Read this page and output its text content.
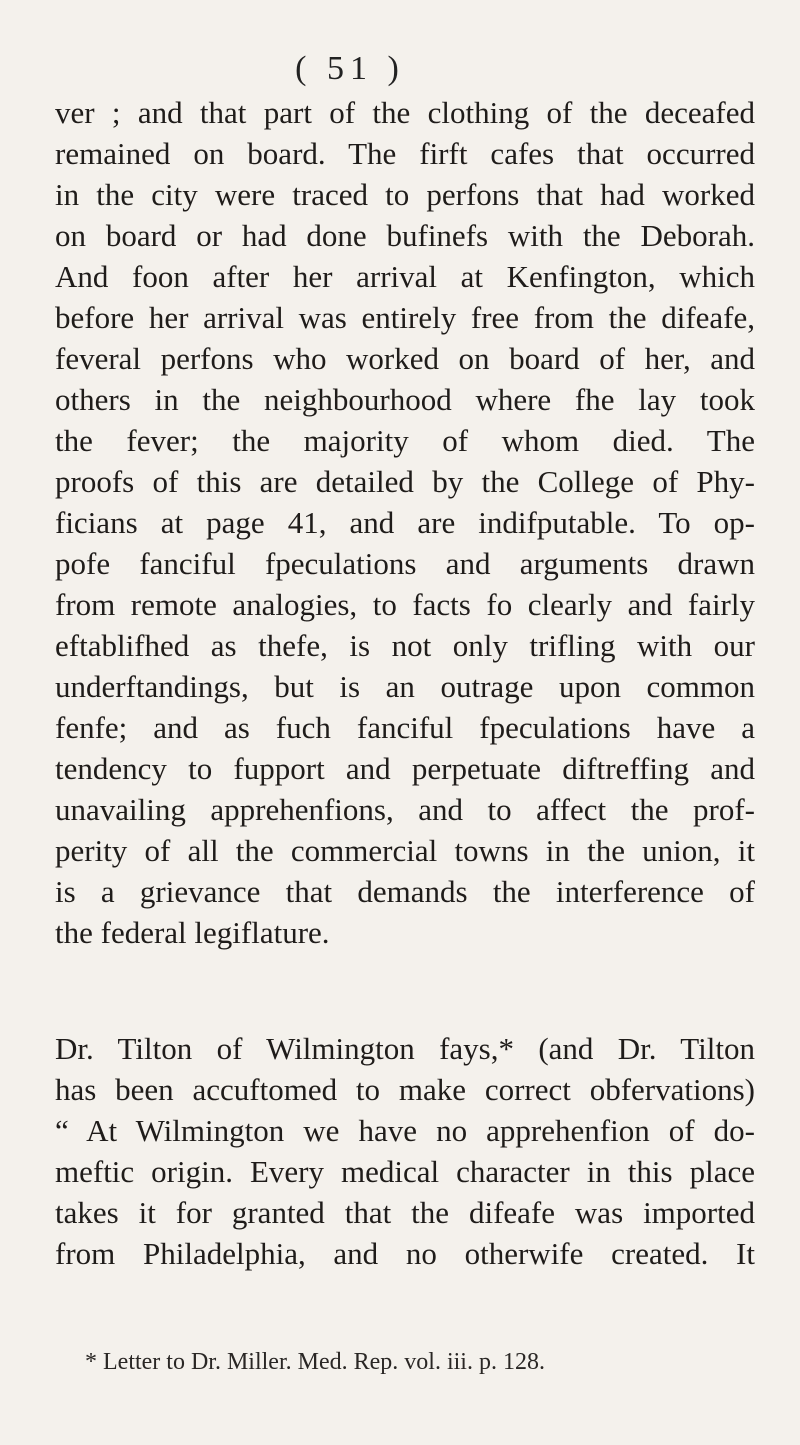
( 51 )
ver ; and that part of the clothing of the deceafed
remained on board. The firft cafes that occurred
in the city were traced to perfons that had worked
on board or had done bufinefs with the Deborah.
And foon after her arrival at Kenfington, which
before her arrival was entirely free from the difeafe,
feveral perfons who worked on board of her, and
others in the neighbourhood where fhe lay took
the fever; the majority of whom died. The
proofs of this are detailed by the College of Phy-
ficians at page 41, and are indifputable. To op-
pofe fanciful fpeculations and arguments drawn
from remote analogies, to facts fo clearly and fairly
eftablifhed as thefe, is not only trifling with our
underftandings, but is an outrage upon common
fenfe; and as fuch fanciful fpeculations have a
tendency to fupport and perpetuate diftreffing and
unavailing apprehenfions, and to affect the prof-
perity of all the commercial towns in the union, it
is a grievance that demands the interference of
the federal legiflature.
Dr. Tilton of Wilmington fays,* (and Dr. Tilton
has been accuftomed to make correct obfervations)
“ At Wilmington we have no apprehenfion of do-
meftic origin. Every medical character in this place
takes it for granted that the difeafe was imported
from Philadelphia, and no otherwife created. It
* Letter to Dr. Miller. Med. Rep. vol. iii. p. 128.
